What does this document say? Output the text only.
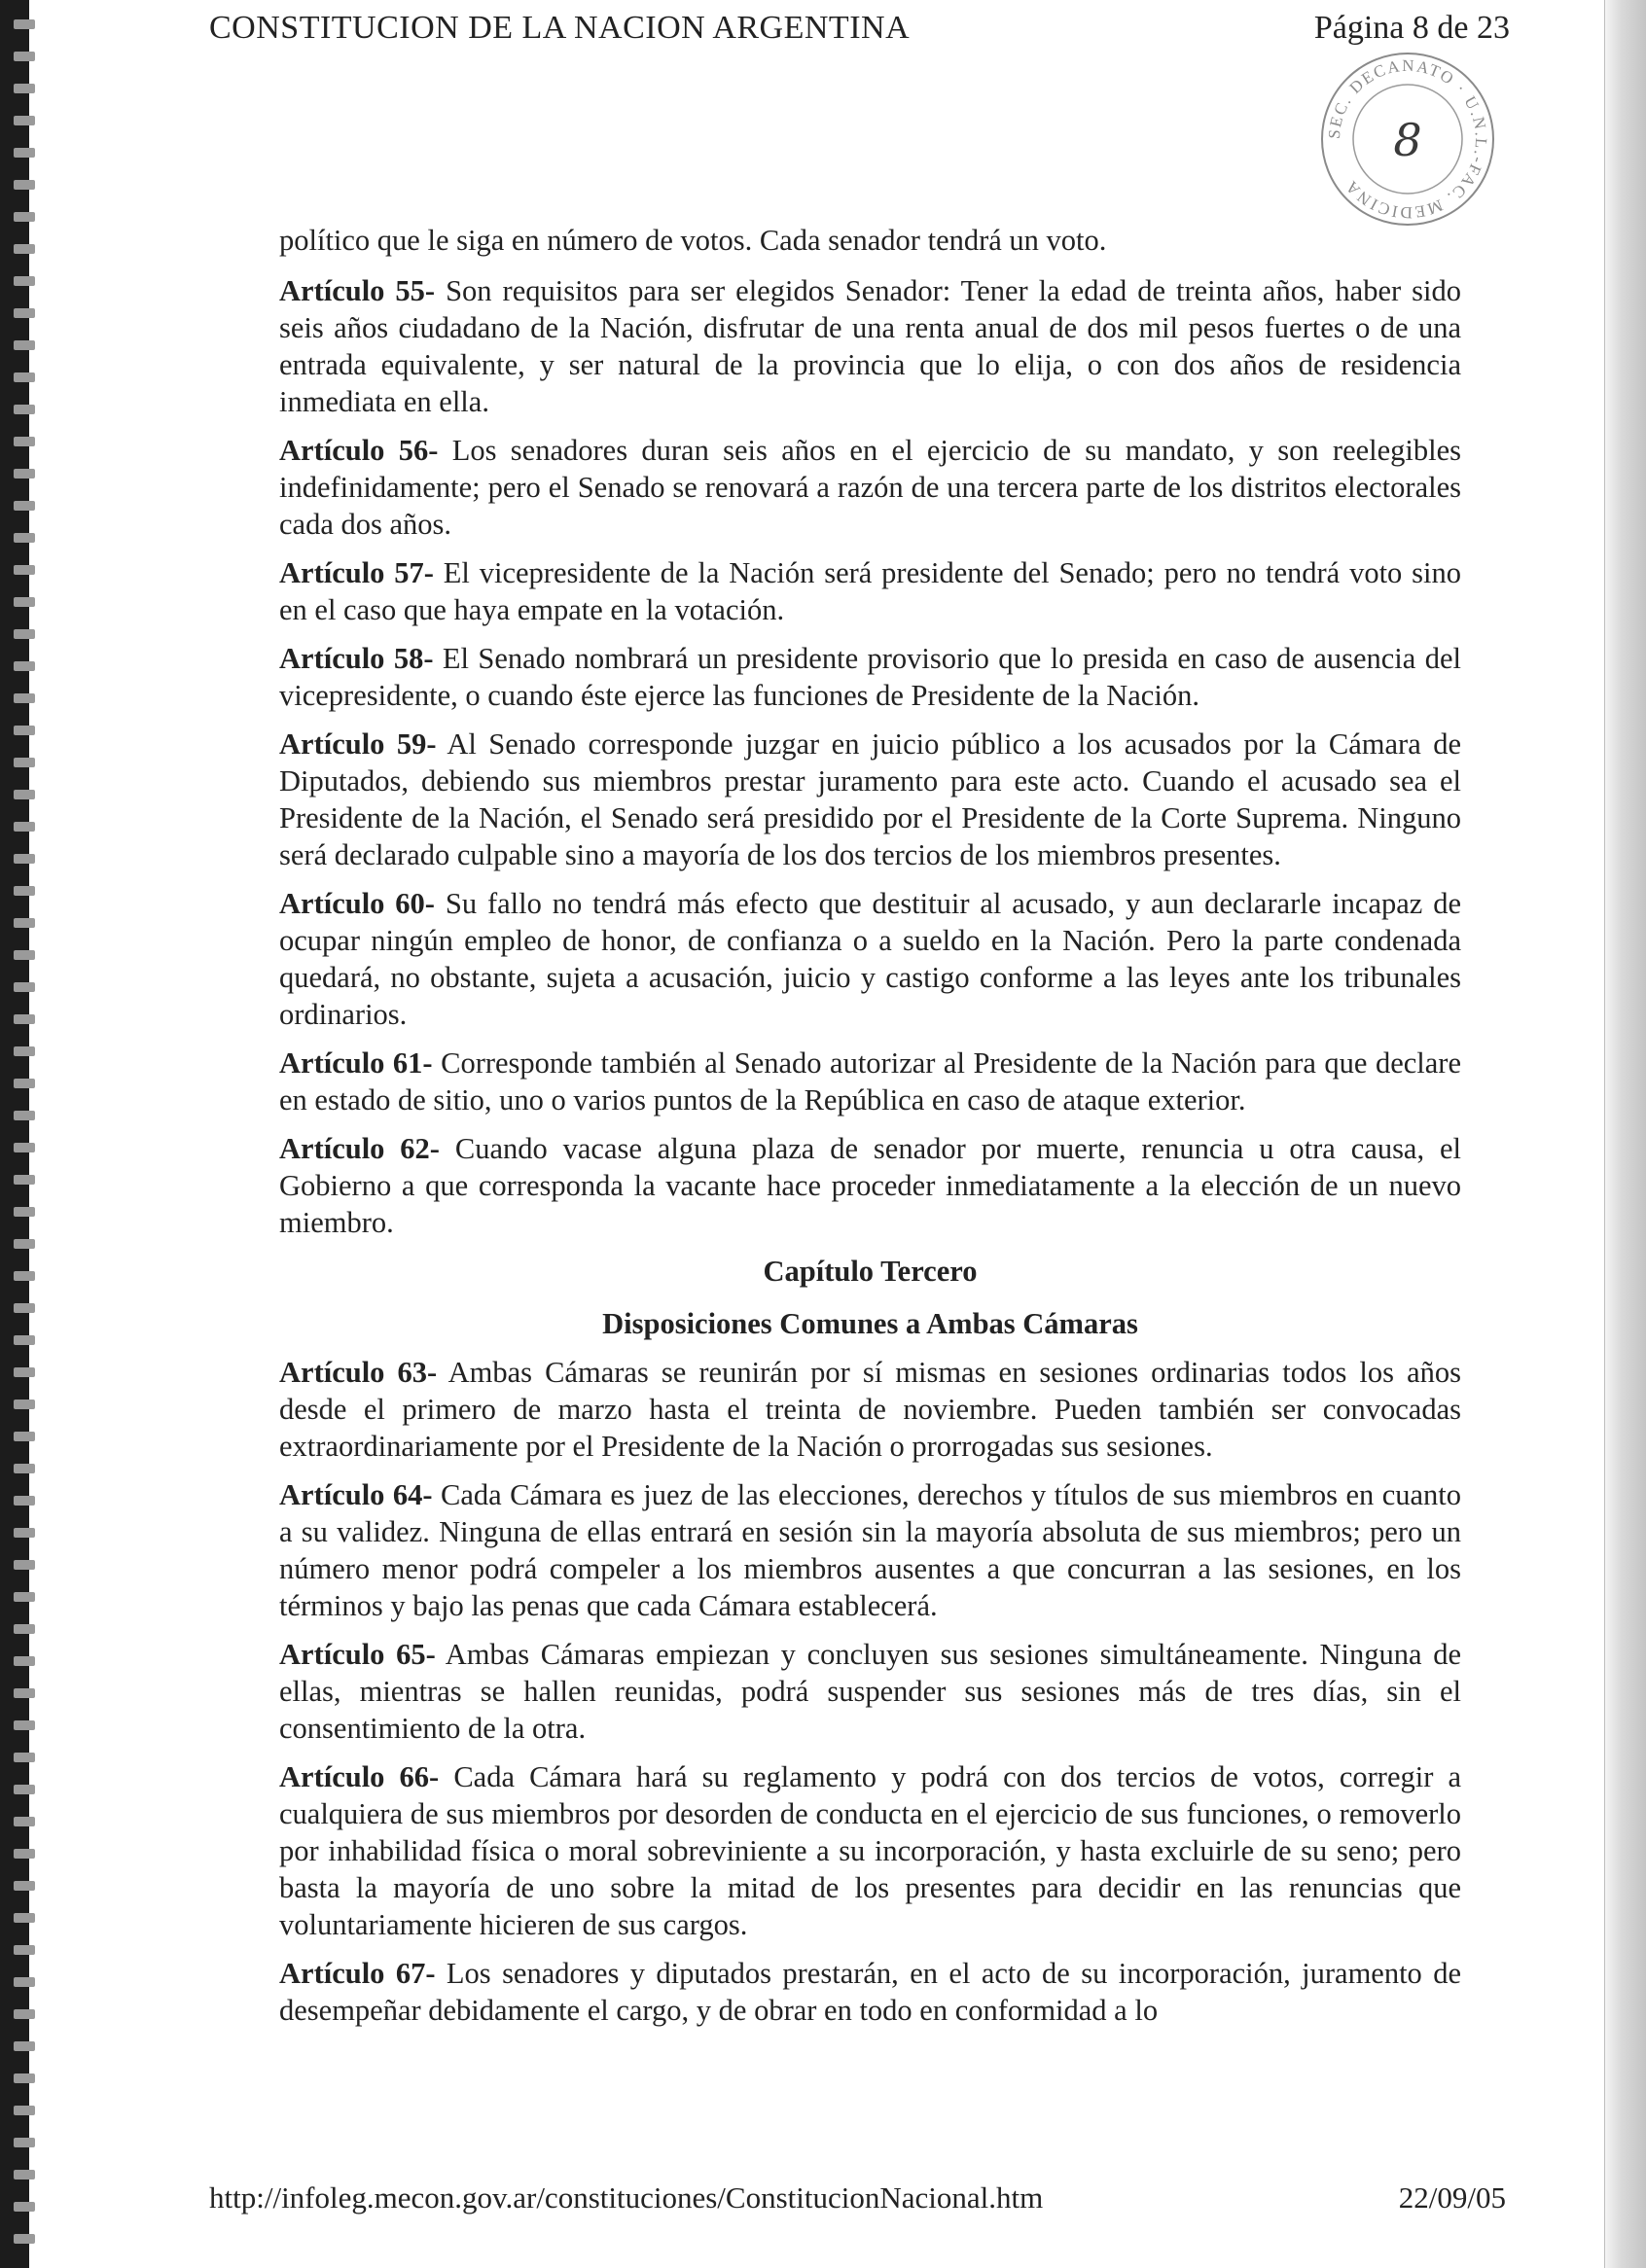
CONSTITUCION DE LA NACION ARGENTINA	Página 8 de 23
SEC. DECANATO · U.N.L.-FAC. MEDICINA
8

político que le siga en número de votos. Cada senador tendrá un voto.

Artículo 55- Son requisitos para ser elegidos Senador: Tener la edad de treinta años, haber sido seis años ciudadano de la Nación, disfrutar de una renta anual de dos mil pesos fuertes o de una entrada equivalente, y ser natural de la provincia que lo elija, o con dos años de residencia inmediata en ella.

Artículo 56- Los senadores duran seis años en el ejercicio de su mandato, y son reelegibles indefinidamente; pero el Senado se renovará a razón de una tercera parte de los distritos electorales cada dos años.

Artículo 57- El vicepresidente de la Nación será presidente del Senado; pero no tendrá voto sino en el caso que haya empate en la votación.

Artículo 58- El Senado nombrará un presidente provisorio que lo presida en caso de ausencia del vicepresidente, o cuando éste ejerce las funciones de Presidente de la Nación.

Artículo 59- Al Senado corresponde juzgar en juicio público a los acusados por la Cámara de Diputados, debiendo sus miembros prestar juramento para este acto. Cuando el acusado sea el Presidente de la Nación, el Senado será presidido por el Presidente de la Corte Suprema. Ninguno será declarado culpable sino a mayoría de los dos tercios de los miembros presentes.

Artículo 60- Su fallo no tendrá más efecto que destituir al acusado, y aun declararle incapaz de ocupar ningún empleo de honor, de confianza o a sueldo en la Nación. Pero la parte condenada quedará, no obstante, sujeta a acusación, juicio y castigo conforme a las leyes ante los tribunales ordinarios.

Artículo 61- Corresponde también al Senado autorizar al Presidente de la Nación para que declare en estado de sitio, uno o varios puntos de la República en caso de ataque exterior.

Artículo 62- Cuando vacase alguna plaza de senador por muerte, renuncia u otra causa, el Gobierno a que corresponda la vacante hace proceder inmediatamente a la elección de un nuevo miembro.

Capítulo Tercero
Disposiciones Comunes a Ambas Cámaras

Artículo 63- Ambas Cámaras se reunirán por sí mismas en sesiones ordinarias todos los años desde el primero de marzo hasta el treinta de noviembre. Pueden también ser convocadas extraordinariamente por el Presidente de la Nación o prorrogadas sus sesiones.

Artículo 64- Cada Cámara es juez de las elecciones, derechos y títulos de sus miembros en cuanto a su validez. Ninguna de ellas entrará en sesión sin la mayoría absoluta de sus miembros; pero un número menor podrá compeler a los miembros ausentes a que concurran a las sesiones, en los términos y bajo las penas que cada Cámara establecerá.

Artículo 65- Ambas Cámaras empiezan y concluyen sus sesiones simultáneamente. Ninguna de ellas, mientras se hallen reunidas, podrá suspender sus sesiones más de tres días, sin el consentimiento de la otra.

Artículo 66- Cada Cámara hará su reglamento y podrá con dos tercios de votos, corregir a cualquiera de sus miembros por desorden de conducta en el ejercicio de sus funciones, o removerlo por inhabilidad física o moral sobreviniente a su incorporación, y hasta excluirle de su seno; pero basta la mayoría de uno sobre la mitad de los presentes para decidir en las renuncias que voluntariamente hicieren de sus cargos.

Artículo 67- Los senadores y diputados prestarán, en el acto de su incorporación, juramento de desempeñar debidamente el cargo, y de obrar en todo en conformidad a lo

http://infoleg.mecon.gov.ar/constituciones/ConstitucionNacional.htm	22/09/05
